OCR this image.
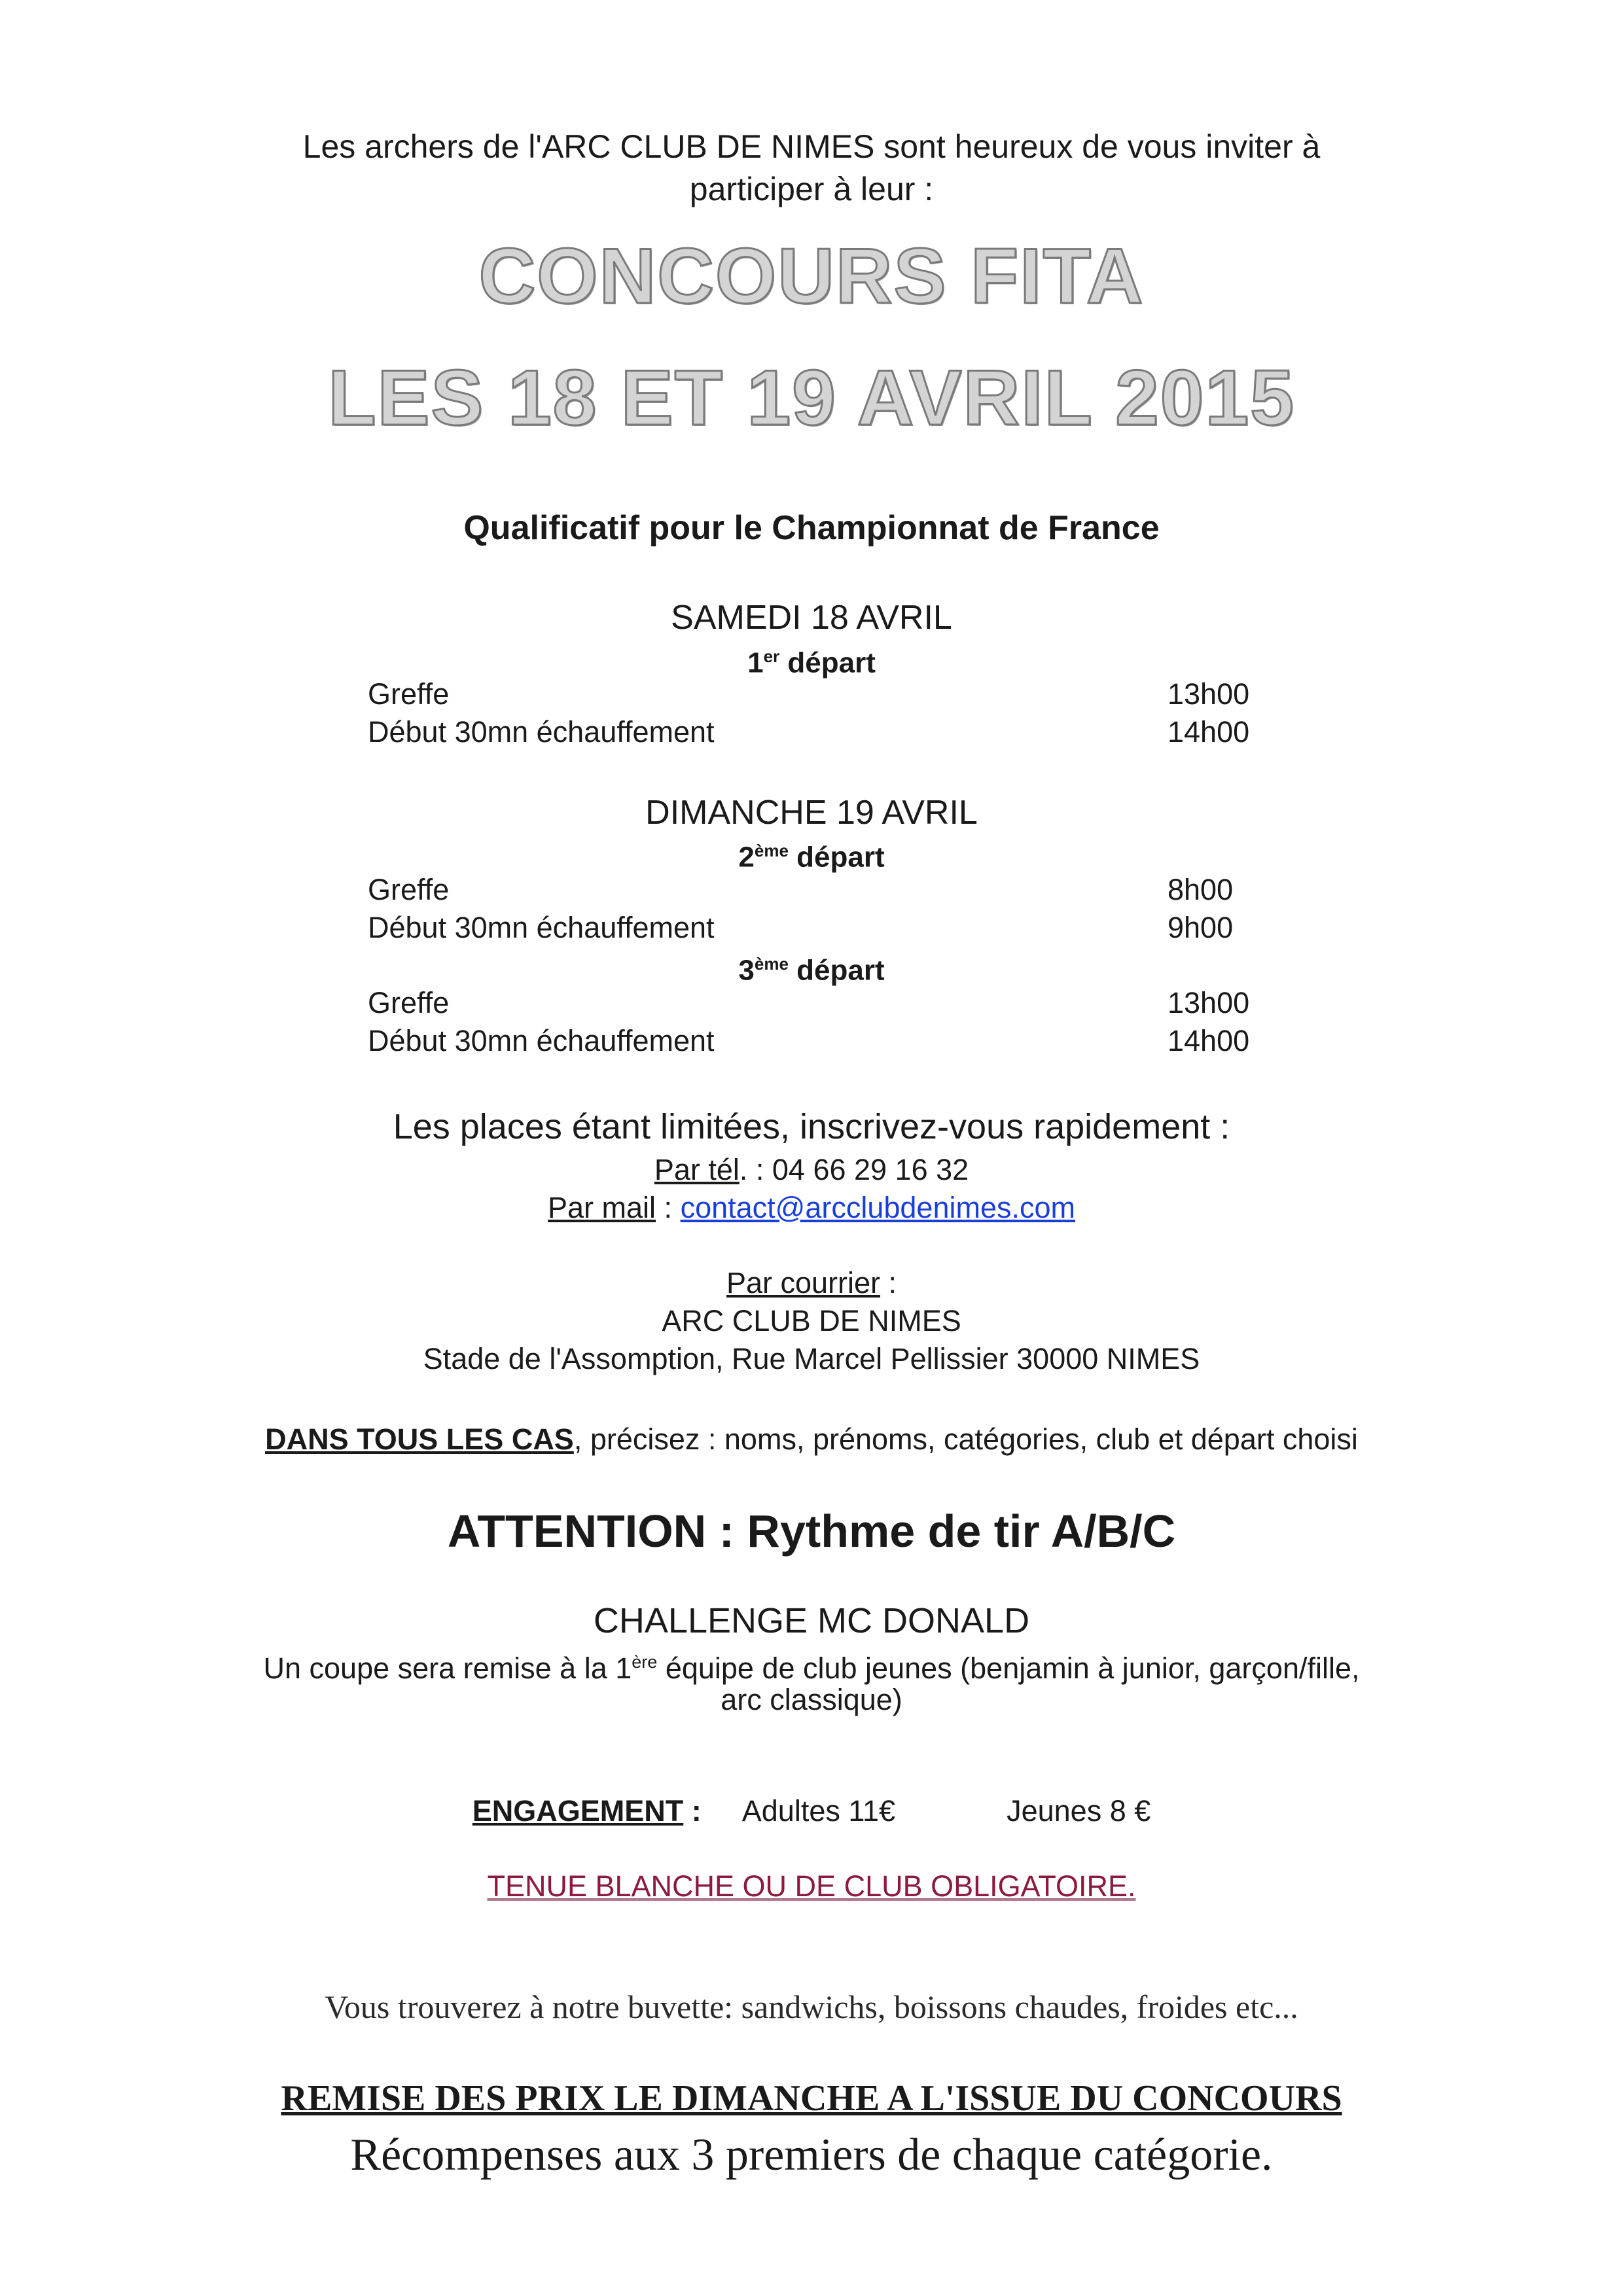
Les archers de l'ARC CLUB DE NIMES sont heureux de vous inviter à

participer à leur :

CONCOURS FITA

LES 18 ET 19 AVRIL 2015

Qualificatif pour le Championnat de France

SAMEDI 18 AVRIL

1er départ

Greffe	13h00
Début 30mn échauffement	14h00

DIMANCHE 19 AVRIL

2ème départ

Greffe	8h00
Début 30mn échauffement	9h00

3ème départ

Greffe	13h00
Début 30mn échauffement	14h00

Les places étant limitées, inscrivez-vous rapidement :

Par tél. : 04 66 29 16 32

Par mail : contact@arcclubdenimes.com

Par courrier :

ARC CLUB DE NIMES

Stade de l'Assomption, Rue Marcel Pellissier 30000 NIMES

DANS TOUS LES CAS, précisez : noms, prénoms, catégories, club et départ choisi

ATTENTION : Rythme de tir A/B/C

CHALLENGE MC DONALD

Un coupe sera remise à la 1ère équipe de club jeunes (benjamin à junior, garçon/fille,

arc classique)

ENGAGEMENT : Adultes 11€	Jeunes 8 €

TENUE BLANCHE OU DE CLUB OBLIGATOIRE.

Vous trouverez à notre buvette: sandwichs, boissons chaudes, froides etc...

REMISE DES PRIX LE DIMANCHE A L'ISSUE DU CONCOURS

Récompenses aux 3 premiers de chaque catégorie.
